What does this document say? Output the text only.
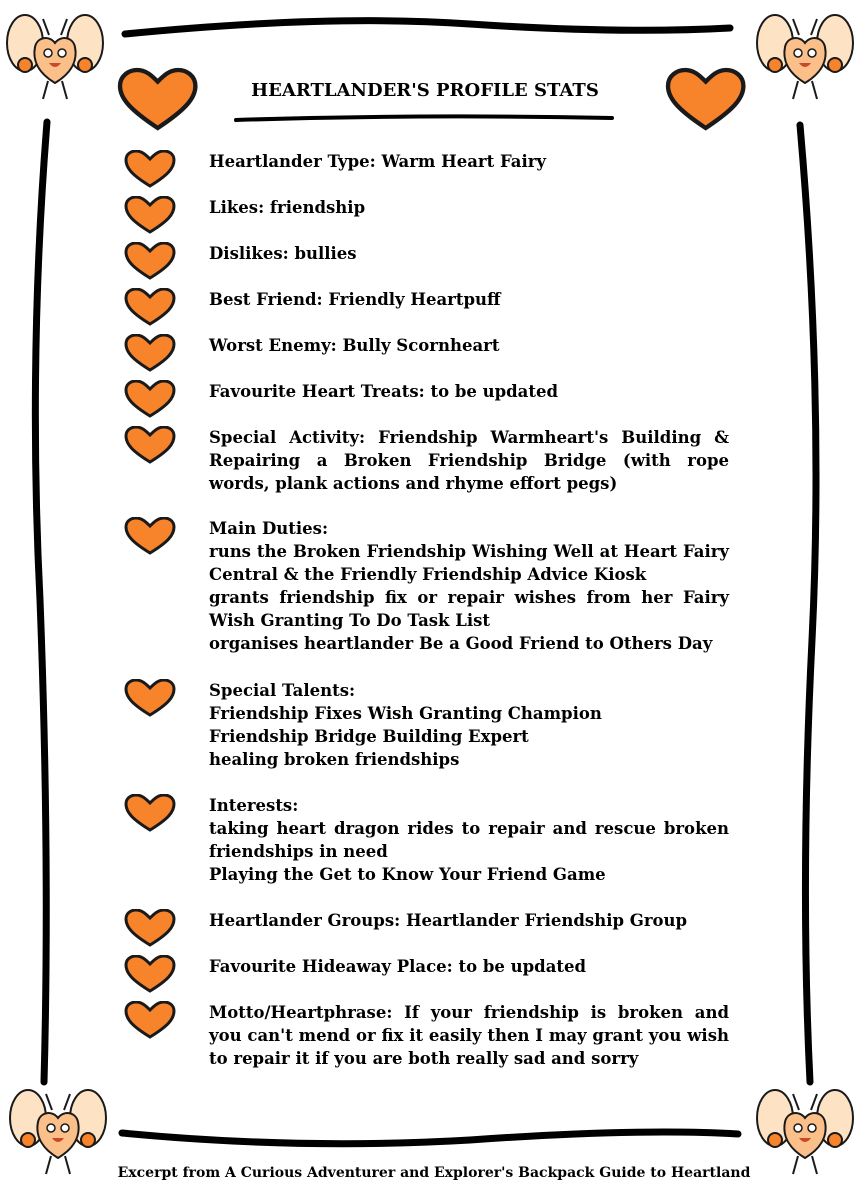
HEARTLANDER'S PROFILE STATS
Heartlander Type: Warm Heart Fairy
Likes: friendship
Dislikes: bullies
Best Friend: Friendly Heartpuff
Worst Enemy: Bully Scornheart
Favourite Heart Treats: to be updated
Special Activity: Friendship Warmheart's Building & Repairing a Broken Friendship Bridge (with rope words, plank actions and rhyme effort pegs)
Main Duties:
runs the Broken Friendship Wishing Well at Heart Fairy Central & the Friendly Friendship Advice Kiosk
grants friendship fix or repair wishes from her Fairy Wish Granting To Do Task List
organises heartlander Be a Good Friend to Others Day
Special Talents:
Friendship Fixes Wish Granting Champion
Friendship Bridge Building Expert
healing broken friendships
Interests:
taking heart dragon rides to repair and rescue broken friendships in need
Playing the Get to Know Your Friend Game
Heartlander Groups: Heartlander Friendship Group
Favourite Hideaway Place: to be updated
Motto/Heartphrase: If your friendship is broken and you can't mend or fix it easily then I may grant you wish to repair it if you are both really sad and sorry
Excerpt from A Curious Adventurer and Explorer's Backpack Guide to Heartland
